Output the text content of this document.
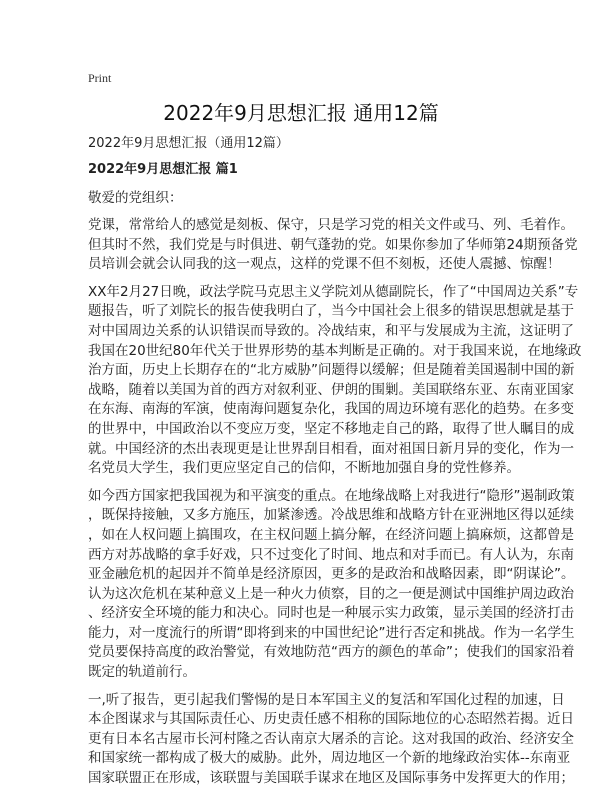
Print
2022年9月思想汇报 通用12篇
2022年9月思想汇报（通用12篇）
2022年9月思想汇报 篇1
敬爱的党组织：
党课，常常给人的感觉是刻板、保守，只是学习党的相关文件或马、列、毛着作。
但其时不然，我们党是与时俱进、朝气蓬勃的党。如果你参加了华师第24期预备党
员培训会就会认同我的这一观点，这样的党课不但不刻板，还使人震撼、惊醒！
XX年2月27日晚，政法学院马克思主义学院刘从德副院长，作了“中国周边关系”专
题报告，听了刘院长的报告使我明白了，当今中国社会上很多的错误思想就是基于
对中国周边关系的认识错误而导致的。冷战结束，和平与发展成为主流，这证明了
我国在20世纪80年代关于世界形势的基本判断是正确的。对于我国来说，在地缘政
治方面，历史上长期存在的“北方威胁”问题得以缓解；但是随着美国遏制中国的新
战略，随着以美国为首的西方对叙利亚、伊朗的围剿。美国联络东亚、东南亚国家
在东海、南海的军演，使南海问题复杂化，我国的周边环境有恶化的趋势。在多变
的世界中，中国政治以不变应万变，坚定不移地走自己的路，取得了世人瞩目的成
就。中国经济的杰出表现更是让世界刮目相看，面对祖国日新月异的变化，作为一
名党员大学生，我们更应坚定自己的信仰，不断地加强自身的党性修养。
如今西方国家把我国视为和平演变的重点。在地缘战略上对我进行“隐形”遏制政策
，既保持接触，又多方施压，加紧渗透。冷战思维和战略方针在亚洲地区得以延续
，如在人权问题上搞围攻，在主权问题上搞分解，在经济问题上搞麻烦，这都曾是
西方对苏战略的拿手好戏，只不过变化了时间、地点和对手而已。有人认为，东南
亚金融危机的起因并不简单是经济原因，更多的是政治和战略因素，即“阴谋论”。
认为这次危机在某种意义上是一种火力侦察，目的之一便是测试中国维护周边政治
、经济安全环境的能力和决心。同时也是一种展示实力政策，显示美国的经济打击
能力，对一度流行的所谓“即将到来的中国世纪论”进行否定和挑战。作为一名学生
党员要保持高度的政治警觉，有效地防范“西方的颜色的革命”；使我们的国家沿着
既定的轨道前行。
一,听了报告，更引起我们警惕的是日本军国主义的复活和军国化过程的加速，日
本企图谋求与其国际责任心、历史责任感不相称的国际地位的心态昭然若揭。近日
更有日本名古屋市长河村隆之否认南京大屠杀的言论。这对我国的政治、经济安全
和国家统一都构成了极大的威胁。此外，周边地区一个新的地缘政治实体--东南亚
国家联盟正在形成，该联盟与美国联手谋求在地区及国际事务中发挥更大的作用；
